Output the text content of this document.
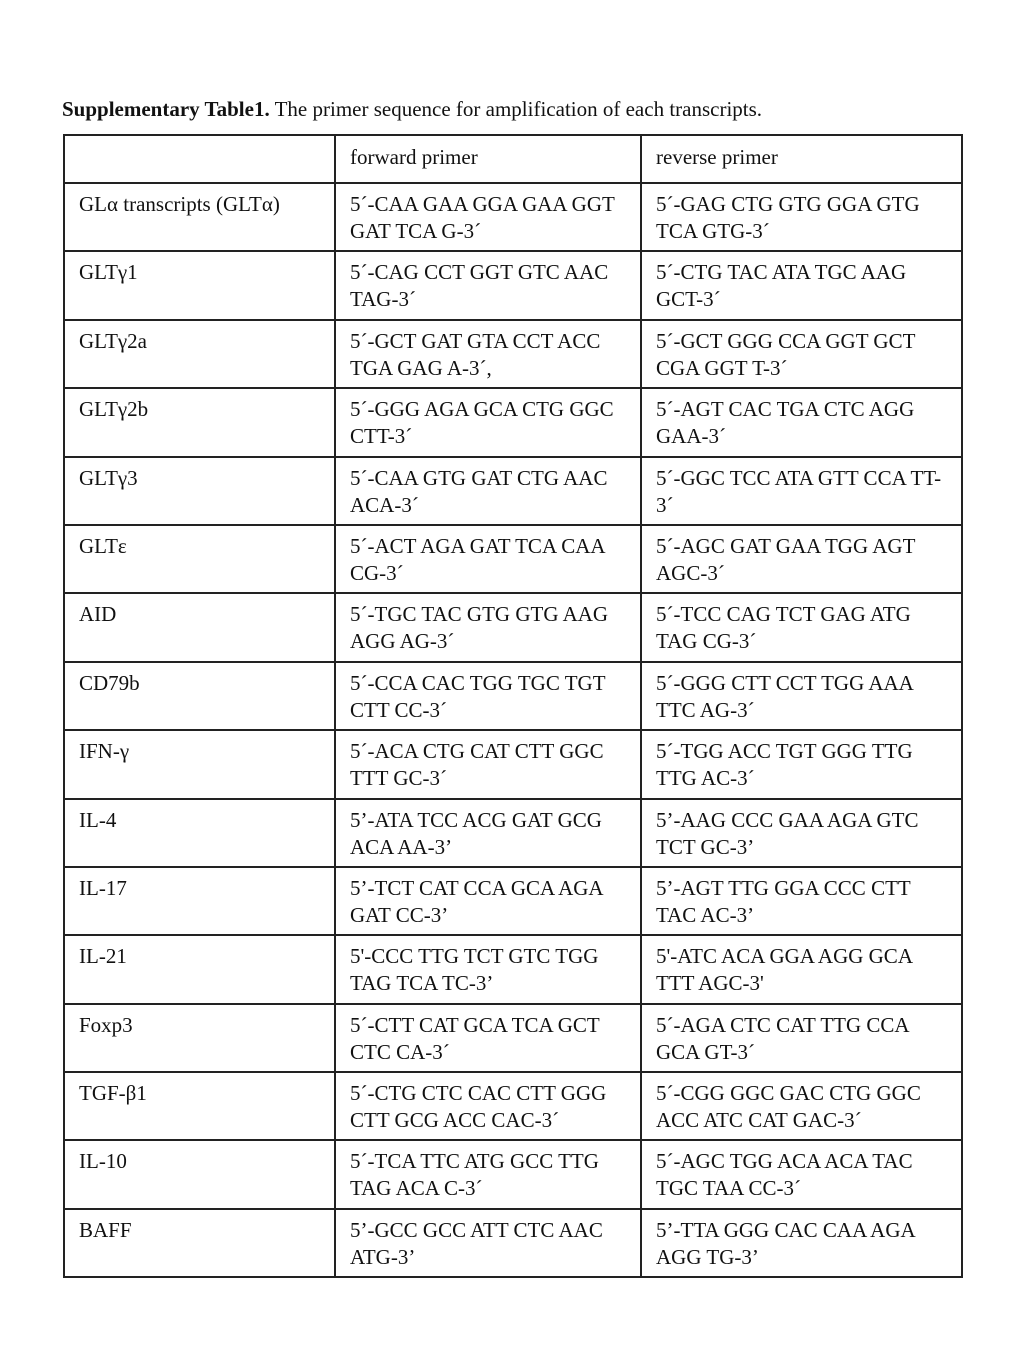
Supplementary Table1. The primer sequence for amplification of each transcripts.
	forward primer	reverse primer
GLα transcripts (GLTα)	5´-CAA GAA GGA GAA GGT GAT TCA G-3´	5´-GAG CTG GTG GGA GTG TCA GTG-3´
GLTγ1	5´-CAG CCT GGT GTC AAC TAG-3´	5´-CTG TAC ATA TGC AAG GCT-3´
GLTγ2a	5´-GCT GAT GTA CCT ACC TGA GAG A-3´,	5´-GCT GGG CCA GGT GCT CGA GGT T-3´
GLTγ2b	5´-GGG AGA GCA CTG GGC CTT-3´	5´-AGT CAC TGA CTC AGG GAA-3´
GLTγ3	5´-CAA GTG GAT CTG AAC ACA-3´	5´-GGC TCC ATA GTT CCA TT-3´
GLTε	5´-ACT AGA GAT TCA CAA CG-3´	5´-AGC GAT GAA TGG AGT AGC-3´
AID	5´-TGC TAC GTG GTG AAG AGG AG-3´	5´-TCC CAG TCT GAG ATG TAG CG-3´
CD79b	5´-CCA CAC TGG TGC TGT CTT CC-3´	5´-GGG CTT CCT TGG AAA TTC AG-3´
IFN-γ	5´-ACA CTG CAT CTT GGC TTT GC-3´	5´-TGG ACC TGT GGG TTG TTG AC-3´
IL-4	5’-ATA TCC ACG GAT GCG ACA AA-3’	5’-AAG CCC GAA AGA GTC TCT GC-3’
IL-17	5’-TCT CAT CCA GCA AGA GAT CC-3’	5’-AGT TTG GGA CCC CTT TAC AC-3’
IL-21	5'-CCC TTG TCT GTC TGG TAG TCA TC-3’	5'-ATC ACA GGA AGG GCA TTT AGC-3'
Foxp3	5´-CTT CAT GCA TCA GCT CTC CA-3´	5´-AGA CTC CAT TTG CCA GCA GT-3´
TGF-β1	5´-CTG CTC CAC CTT GGG CTT GCG ACC CAC-3´	5´-CGG GGC GAC CTG GGC ACC ATC CAT GAC-3´
IL-10	5´-TCA TTC ATG GCC TTG TAG ACA C-3´	5´-AGC TGG ACA ACA TAC TGC TAA CC-3´
BAFF	5’-GCC GCC ATT CTC AAC ATG-3’	5’-TTA GGG CAC CAA AGA AGG TG-3’
